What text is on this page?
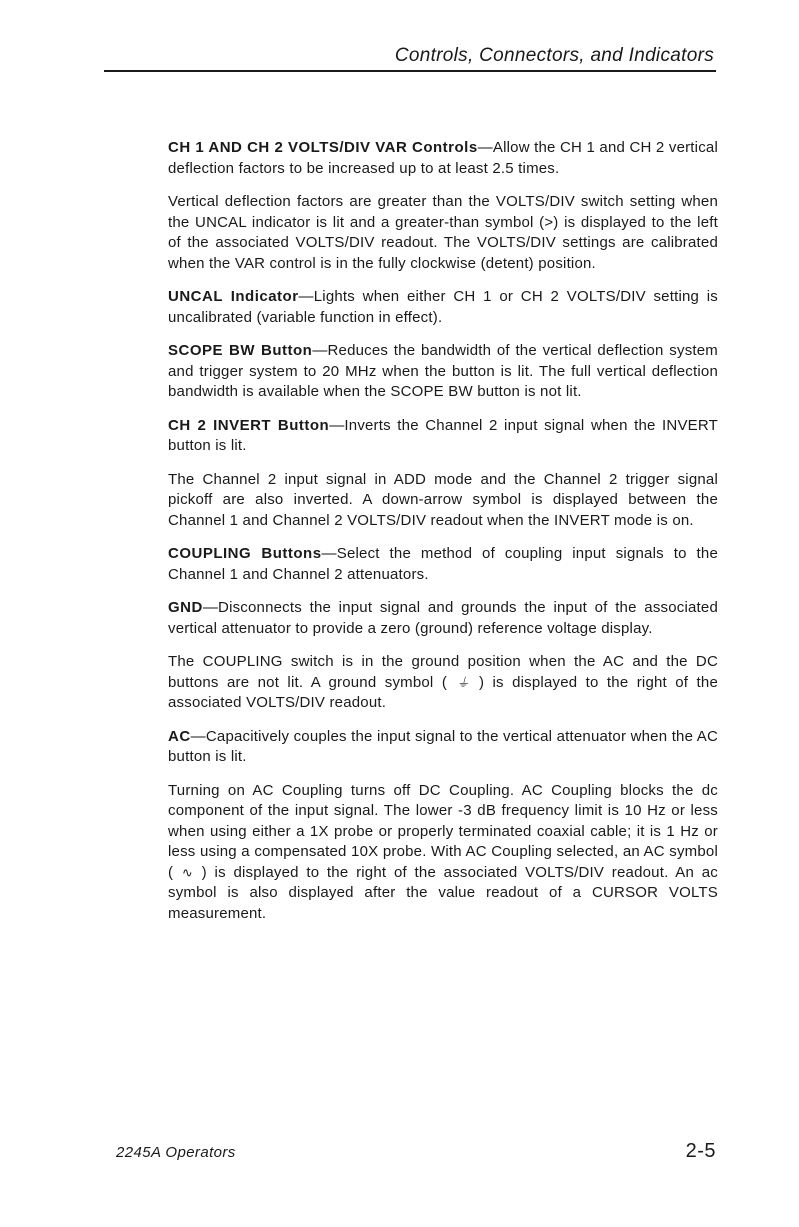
Controls, Connectors, and Indicators

CH 1 AND CH 2 VOLTS/DIV VAR Controls—Allow the CH 1 and CH 2 vertical deflection factors to be increased up to at least 2.5 times.

Vertical deflection factors are greater than the VOLTS/DIV switch setting when the UNCAL indicator is lit and a greater-than symbol (>) is displayed to the left of the associated VOLTS/DIV readout. The VOLTS/DIV settings are calibrated when the VAR control is in the fully clockwise (detent) position.

UNCAL Indicator—Lights when either CH 1 or CH 2 VOLTS/DIV setting is uncalibrated (variable function in effect).

SCOPE BW Button—Reduces the bandwidth of the vertical deflection system and trigger system to 20 MHz when the button is lit. The full vertical deflection bandwidth is available when the SCOPE BW button is not lit.

CH 2 INVERT Button—Inverts the Channel 2 input signal when the INVERT button is lit.

The Channel 2 input signal in ADD mode and the Channel 2 trigger signal pickoff are also inverted. A down-arrow symbol is displayed between the Channel 1 and Channel 2 VOLTS/DIV readout when the INVERT mode is on.

COUPLING Buttons—Select the method of coupling input signals to the Channel 1 and Channel 2 attenuators.

GND—Disconnects the input signal and grounds the input of the associated vertical attenuator to provide a zero (ground) reference voltage display.

The COUPLING switch is in the ground position when the AC and the DC buttons are not lit. A ground symbol ( ⏚ ) is displayed to the right of the associated VOLTS/DIV readout.

AC—Capacitively couples the input signal to the vertical attenuator when the AC button is lit.

Turning on AC Coupling turns off DC Coupling. AC Coupling blocks the dc component of the input signal. The lower -3 dB frequency limit is 10 Hz or less when using either a 1X probe or properly terminated coaxial cable; it is 1 Hz or less using a compensated 10X probe. With AC Coupling selected, an AC symbol ( ∿ ) is displayed to the right of the associated VOLTS/DIV readout. An ac symbol is also displayed after the value readout of a CURSOR VOLTS measurement.

2245A Operators	2-5
